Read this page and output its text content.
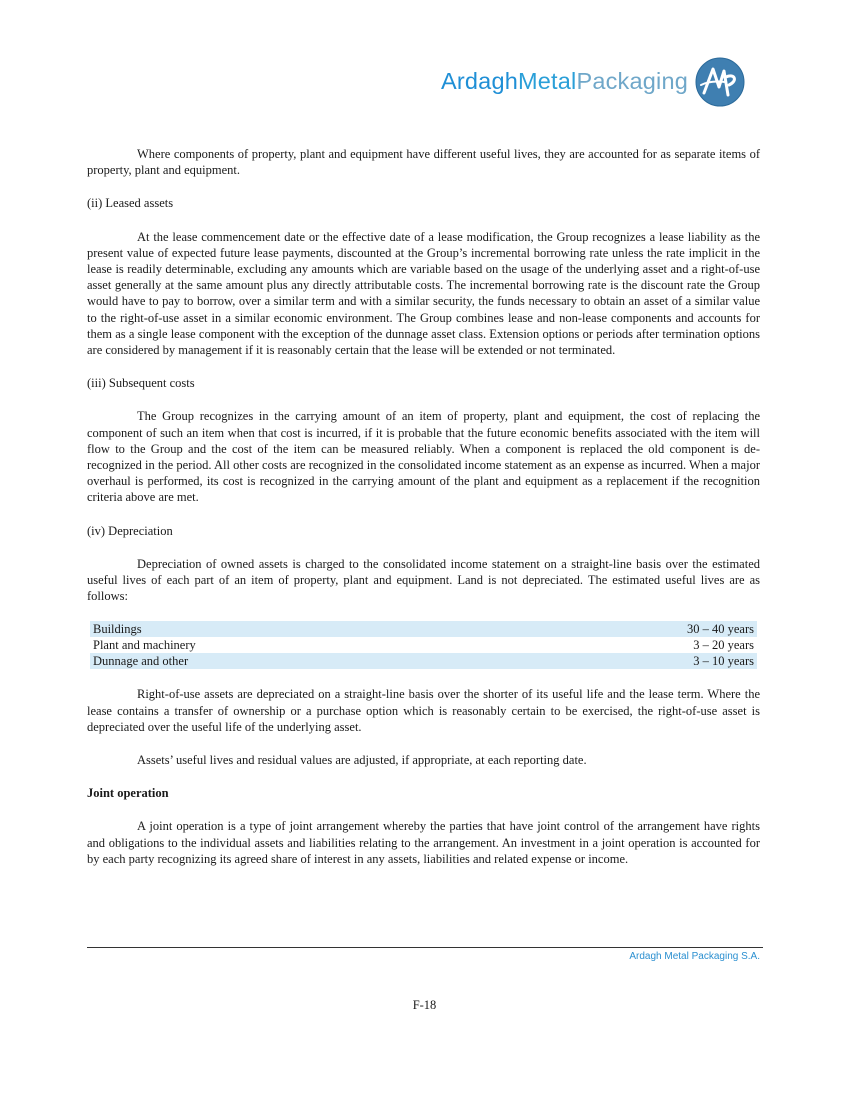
ArdaghMetalPackaging

Where components of property, plant and equipment have different useful lives, they are accounted for as separate items of property, plant and equipment.

(ii) Leased assets

At the lease commencement date or the effective date of a lease modification, the Group recognizes a lease liability as the present value of expected future lease payments, discounted at the Group’s incremental borrowing rate unless the rate implicit in the lease is readily determinable, excluding any amounts which are variable based on the usage of the underlying asset and a right-of-use asset generally at the same amount plus any directly attributable costs. The incremental borrowing rate is the discount rate the Group would have to pay to borrow, over a similar term and with a similar security, the funds necessary to obtain an asset of a similar value to the right-of-use asset in a similar economic environment. The Group combines lease and non-lease components and accounts for them as a single lease component with the exception of the dunnage asset class. Extension options or periods after termination options are considered by management if it is reasonably certain that the lease will be extended or not terminated.

(iii) Subsequent costs

The Group recognizes in the carrying amount of an item of property, plant and equipment, the cost of replacing the component of such an item when that cost is incurred, if it is probable that the future economic benefits associated with the item will flow to the Group and the cost of the item can be measured reliably. When a component is replaced the old component is de-recognized in the period. All other costs are recognized in the consolidated income statement as an expense as incurred. When a major overhaul is performed, its cost is recognized in the carrying amount of the plant and equipment as a replacement if the recognition criteria above are met.

(iv) Depreciation

Depreciation of owned assets is charged to the consolidated income statement on a straight-line basis over the estimated useful lives of each part of an item of property, plant and equipment. Land is not depreciated. The estimated useful lives are as follows:

Buildings	30 – 40 years
Plant and machinery	3 – 20 years
Dunnage and other	3 – 10 years

Right-of-use assets are depreciated on a straight-line basis over the shorter of its useful life and the lease term. Where the lease contains a transfer of ownership or a purchase option which is reasonably certain to be exercised, the right-of-use asset is depreciated over the useful life of the underlying asset.

Assets’ useful lives and residual values are adjusted, if appropriate, at each reporting date.

Joint operation

A joint operation is a type of joint arrangement whereby the parties that have joint control of the arrangement have rights and obligations to the individual assets and liabilities relating to the arrangement. An investment in a joint operation is accounted for by each party recognizing its agreed share of interest in any assets, liabilities and related expense or income.

Ardagh Metal Packaging S.A.
F-18
